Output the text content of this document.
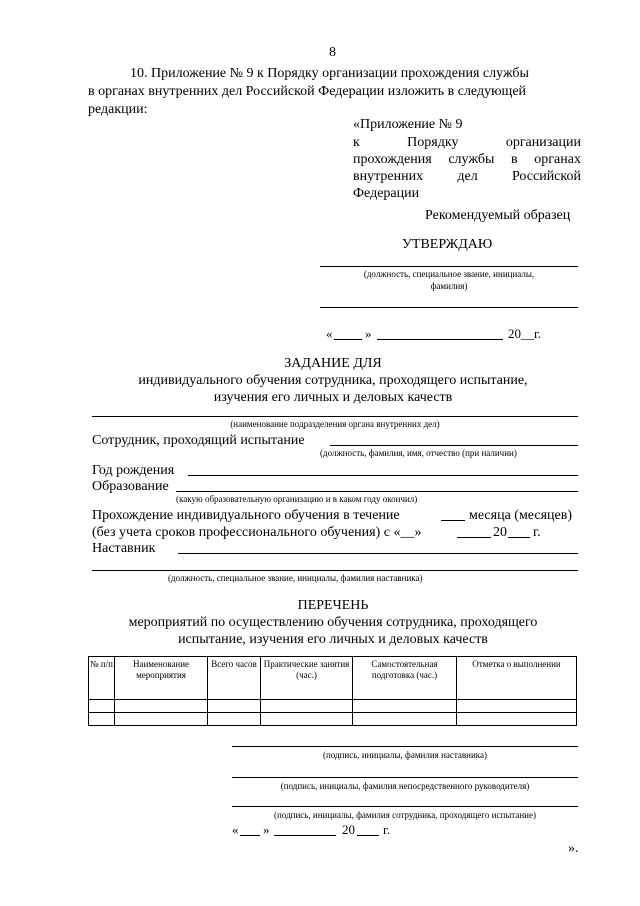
8
10. Приложение № 9 к Порядку организации прохождения службы
в органах внутренних дел Российской Федерации изложить в следующей
редакции:
«Приложение № 9
к	Порядку	организации
прохождения службы в органах
внутренних дел Российской
Федерации
Рекомендуемый образец
УТВЕРЖДАЮ
(должность, специальное звание, инициалы,
фамилия)
«	»	20__г.
ЗАДАНИЕ ДЛЯ
индивидуального обучения сотрудника, проходящего испытание,
изучения его личных и деловых качеств
(наименование подразделения органа внутренних дел)
Сотрудник, проходящий испытание
(должность, фамилия, имя, отчество (при наличии)
Год рождения
Образование
(какую образовательную организацию и в каком году окончил)
Прохождение индивидуального обучения в течение	месяца (месяцев)
(без учета сроков профессионального обучения) с «__»	20 г.
Наставник
(должность, специальное звание, инициалы, фамилия наставника)
ПЕРЕЧЕНЬ
мероприятий по осуществлению обучения сотрудника, проходящего
испытание, изучения его личных и деловых качеств
№ п/п	Наименование мероприятия	Всего часов	Практические занятия (час.)	Самостоятельная подготовка (час.)	Отметка о выполнении

(подпись, инициалы, фамилия наставника)
(подпись, инициалы, фамилия непосредственного руководителя)
(подпись, инициалы, фамилия сотрудника, проходящего испытание)
« »	20 г.
».
